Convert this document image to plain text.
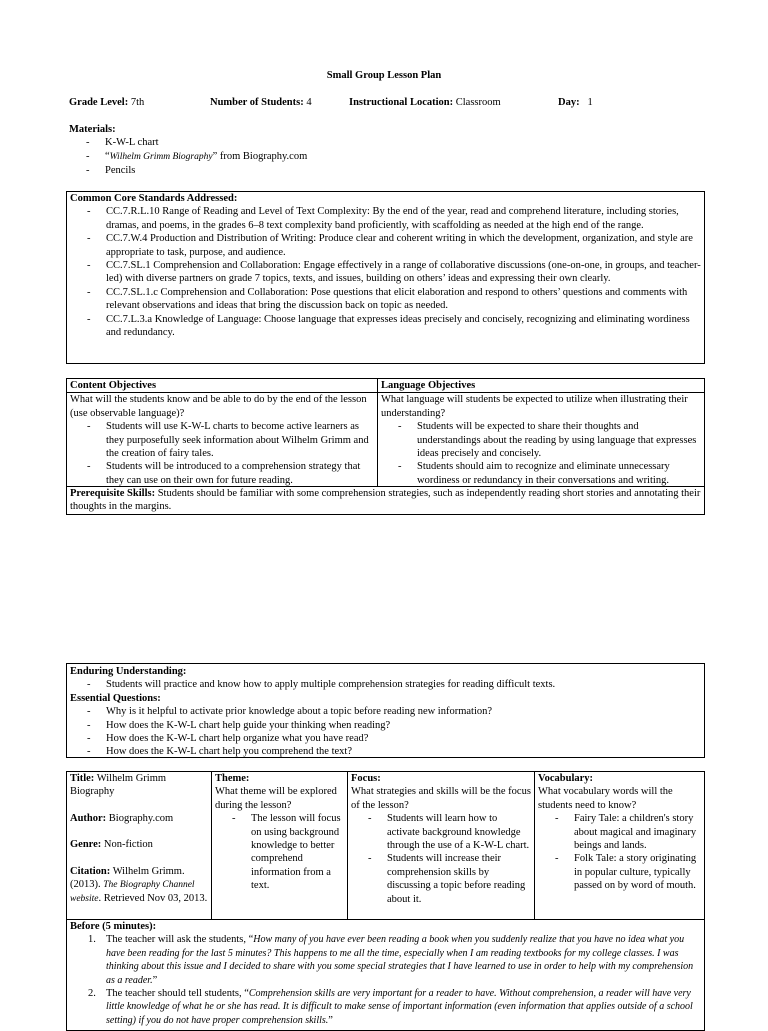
Small Group Lesson Plan
Grade Level: 7th	Number of Students: 4	Instructional Location: Classroom	Day: 1
Materials:
- K-W-L chart
- “Wilhelm Grimm Biography” from Biography.com
- Pencils
Common Core Standards Addressed:
- CC.7.R.L.10 Range of Reading and Level of Text Complexity: By the end of the year, read and comprehend literature, including stories, dramas, and poems, in the grades 6–8 text complexity band proficiently, with scaffolding as needed at the high end of the range.
- CC.7.W.4 Production and Distribution of Writing: Produce clear and coherent writing in which the development, organization, and style are appropriate to task, purpose, and audience.
- CC.7.SL.1 Comprehension and Collaboration: Engage effectively in a range of collaborative discussions (one-on-one, in groups, and teacher-led) with diverse partners on grade 7 topics, texts, and issues, building on others’ ideas and expressing their own clearly.
- CC.7.SL.1.c Comprehension and Collaboration: Pose questions that elicit elaboration and respond to others’ questions and comments with relevant observations and ideas that bring the discussion back on topic as needed.
- CC.7.L.3.a Knowledge of Language: Choose language that expresses ideas precisely and concisely, recognizing and eliminating wordiness and redundancy.
Content Objectives
What will the students know and be able to do by the end of the lesson (use observable language)?
- Students will use K-W-L charts to become active learners as they purposefully seek information about Wilhelm Grimm and the creation of fairy tales.
- Students will be introduced to a comprehension strategy that they can use on their own for future reading.
Language Objectives
What language will students be expected to utilize when illustrating their understanding?
- Students will be expected to share their thoughts and understandings about the reading by using language that expresses ideas precisely and concisely.
- Students should aim to recognize and eliminate unnecessary wordiness or redundancy in their conversations and writing.
Prerequisite Skills: Students should be familiar with some comprehension strategies, such as independently reading short stories and annotating their thoughts in the margins.
Enduring Understanding:
- Students will practice and know how to apply multiple comprehension strategies for reading difficult texts.
Essential Questions:
- Why is it helpful to activate prior knowledge about a topic before reading new information?
- How does the K-W-L chart help guide your thinking when reading?
- How does the K-W-L chart help organize what you have read?
- How does the K-W-L chart help you comprehend the text?
Title: Wilhelm Grimm Biography
Author: Biography.com
Genre: Non-fiction
Citation: Wilhelm Grimm. (2013). The Biography Channel website. Retrieved Nov 03, 2013.
Theme:
What theme will be explored during the lesson?
- The lesson will focus on using background knowledge to better comprehend information from a text.
Focus:
What strategies and skills will be the focus of the lesson?
- Students will learn how to activate background knowledge through the use of a K-W-L chart.
- Students will increase their comprehension skills by discussing a topic before reading about it.
Vocabulary:
What vocabulary words will the students need to know?
- Fairy Tale: a children's story about magical and imaginary beings and lands.
- Folk Tale: a story originating in popular culture, typically passed on by word of mouth.
Before (5 minutes):
1. The teacher will ask the students, “How many of you have ever been reading a book when you suddenly realize that you have no idea what you have been reading for the last 5 minutes? This happens to me all the time, especially when I am reading textbooks for my college classes. I was thinking about this issue and I decided to share with you some special strategies that I have learned to use in order to help with my comprehension as a reader.”
2. The teacher should tell students, “Comprehension skills are very important for a reader to have. Without comprehension, a reader will have very little knowledge of what he or she has read. It is difficult to make sense of important information (even information that applies outside of a school setting) if you do not have proper comprehension skills.”
